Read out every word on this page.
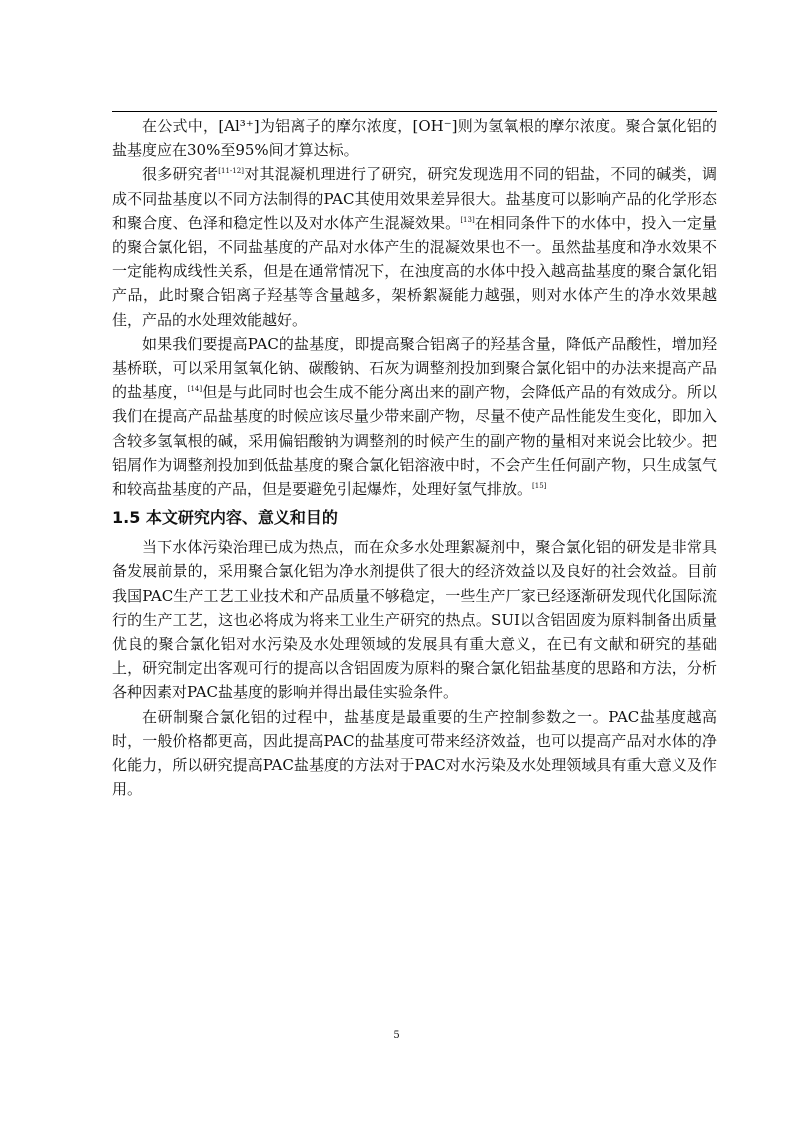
在公式中，[Al³⁺]为铝离子的摩尔浓度，[OH⁻]则为氢氧根的摩尔浓度。聚合氯化铝的盐基度应在30%至95%间才算达标。

很多研究者[11-12]对其混凝机理进行了研究，研究发现选用不同的铝盐，不同的碱类，调成不同盐基度以不同方法制得的PAC其使用效果差异很大。盐基度可以影响产品的化学形态和聚合度、色泽和稳定性以及对水体产生混凝效果。[13]在相同条件下的水体中，投入一定量的聚合氯化铝，不同盐基度的产品对水体产生的混凝效果也不一。虽然盐基度和净水效果不一定能构成线性关系，但是在通常情况下，在浊度高的水体中投入越高盐基度的聚合氯化铝产品，此时聚合铝离子羟基等含量越多，架桥絮凝能力越强，则对水体产生的净水效果越佳，产品的水处理效能越好。

如果我们要提高PAC的盐基度，即提高聚合铝离子的羟基含量，降低产品酸性，增加羟基桥联，可以采用氢氧化钠、碳酸钠、石灰为调整剂投加到聚合氯化铝中的办法来提高产品的盐基度，[14]但是与此同时也会生成不能分离出来的副产物，会降低产品的有效成分。所以我们在提高产品盐基度的时候应该尽量少带来副产物，尽量不使产品性能发生变化，即加入含较多氢氧根的碱，采用偏铝酸钠为调整剂的时候产生的副产物的量相对来说会比较少。把铝屑作为调整剂投加到低盐基度的聚合氯化铝溶液中时，不会产生任何副产物，只生成氢气和较高盐基度的产品，但是要避免引起爆炸，处理好氢气排放。[15]

1.5 本文研究内容、意义和目的

当下水体污染治理已成为热点，而在众多水处理絮凝剂中，聚合氯化铝的研发是非常具备发展前景的，采用聚合氯化铝为净水剂提供了很大的经济效益以及良好的社会效益。目前我国PAC生产工艺工业技术和产品质量不够稳定，一些生产厂家已经逐渐研发现代化国际流行的生产工艺，这也必将成为将来工业生产研究的热点。SUI以含铝固废为原料制备出质量优良的聚合氯化铝对水污染及水处理领域的发展具有重大意义，在已有文献和研究的基础上，研究制定出客观可行的提高以含铝固废为原料的聚合氯化铝盐基度的思路和方法，分析各种因素对PAC盐基度的影响并得出最佳实验条件。

在研制聚合氯化铝的过程中，盐基度是最重要的生产控制参数之一。PAC盐基度越高时，一般价格都更高，因此提高PAC的盐基度可带来经济效益，也可以提高产品对水体的净化能力，所以研究提高PAC盐基度的方法对于PAC对水污染及水处理领域具有重大意义及作用。

5
